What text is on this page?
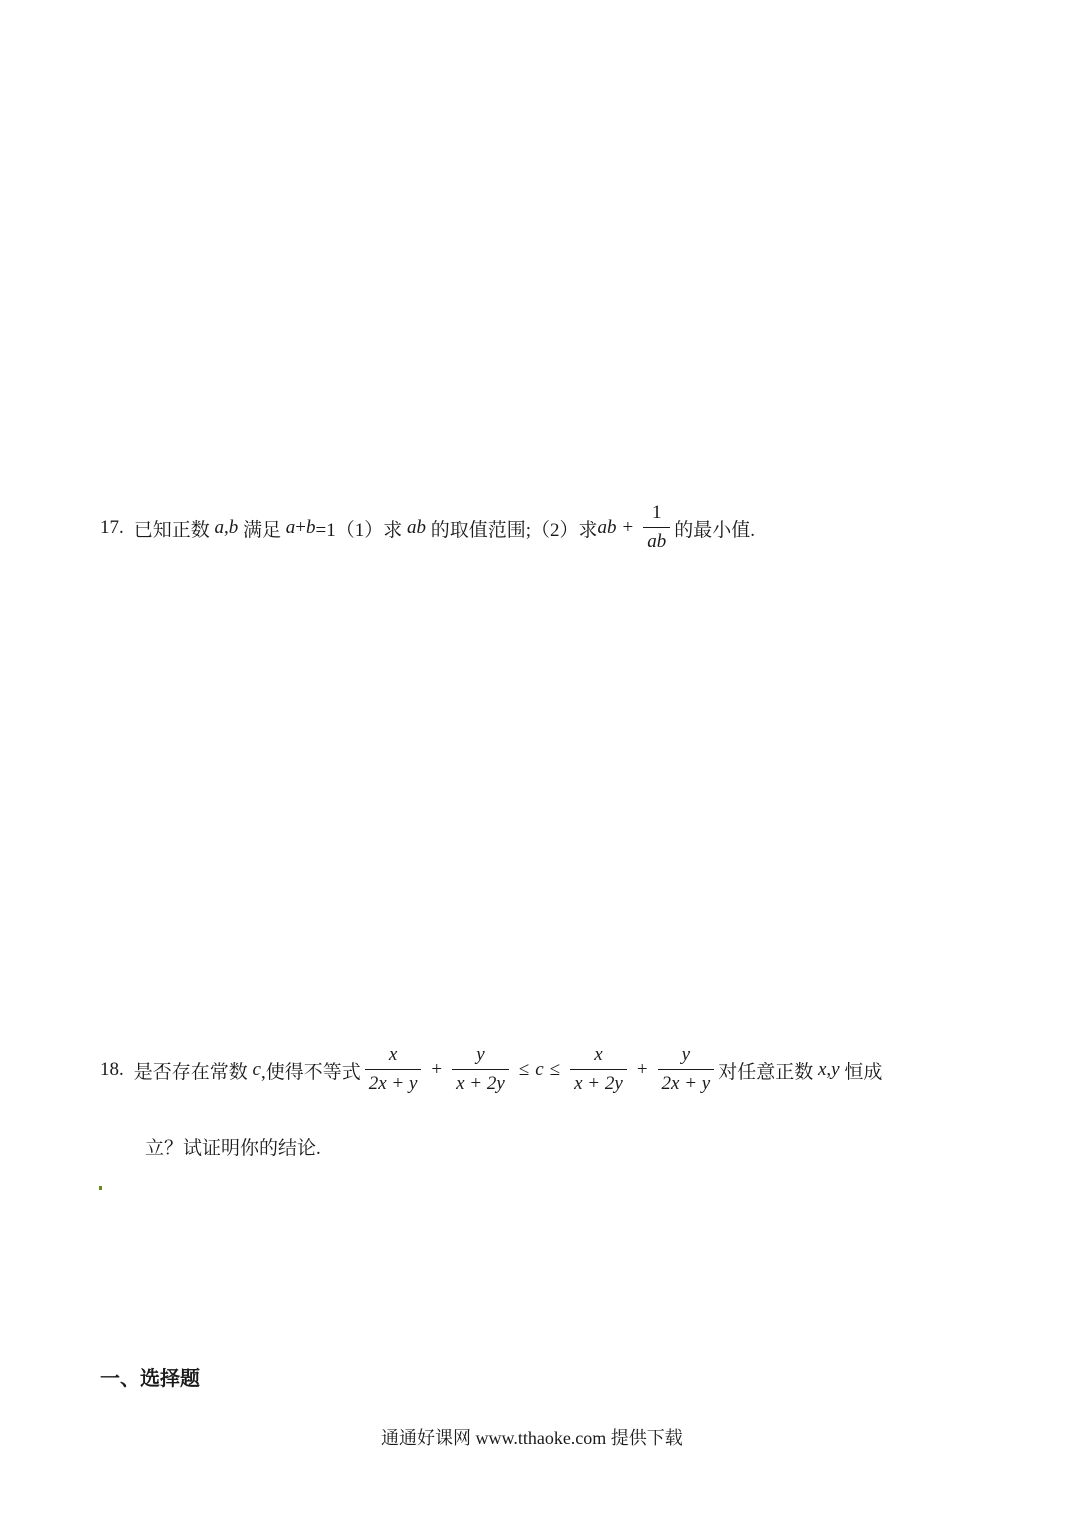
17. 已知正数
a , b
满足
a + b =1（1）求
ab
的取值范围;（2）求 ab + $\frac{1}{ab}$ 的最小值.
18. 是否存在常数
c ,使得不等式 $\frac{x}{2x + y} + \frac{y}{x + 2y} \le c \le \frac{x}{x + 2y} + \frac{y}{2x + y}$ 对任意正数
x , y
恒成
立？试证明你的结论.
一、选择题
通通好课网 www.tthaoke.com 提供下载
